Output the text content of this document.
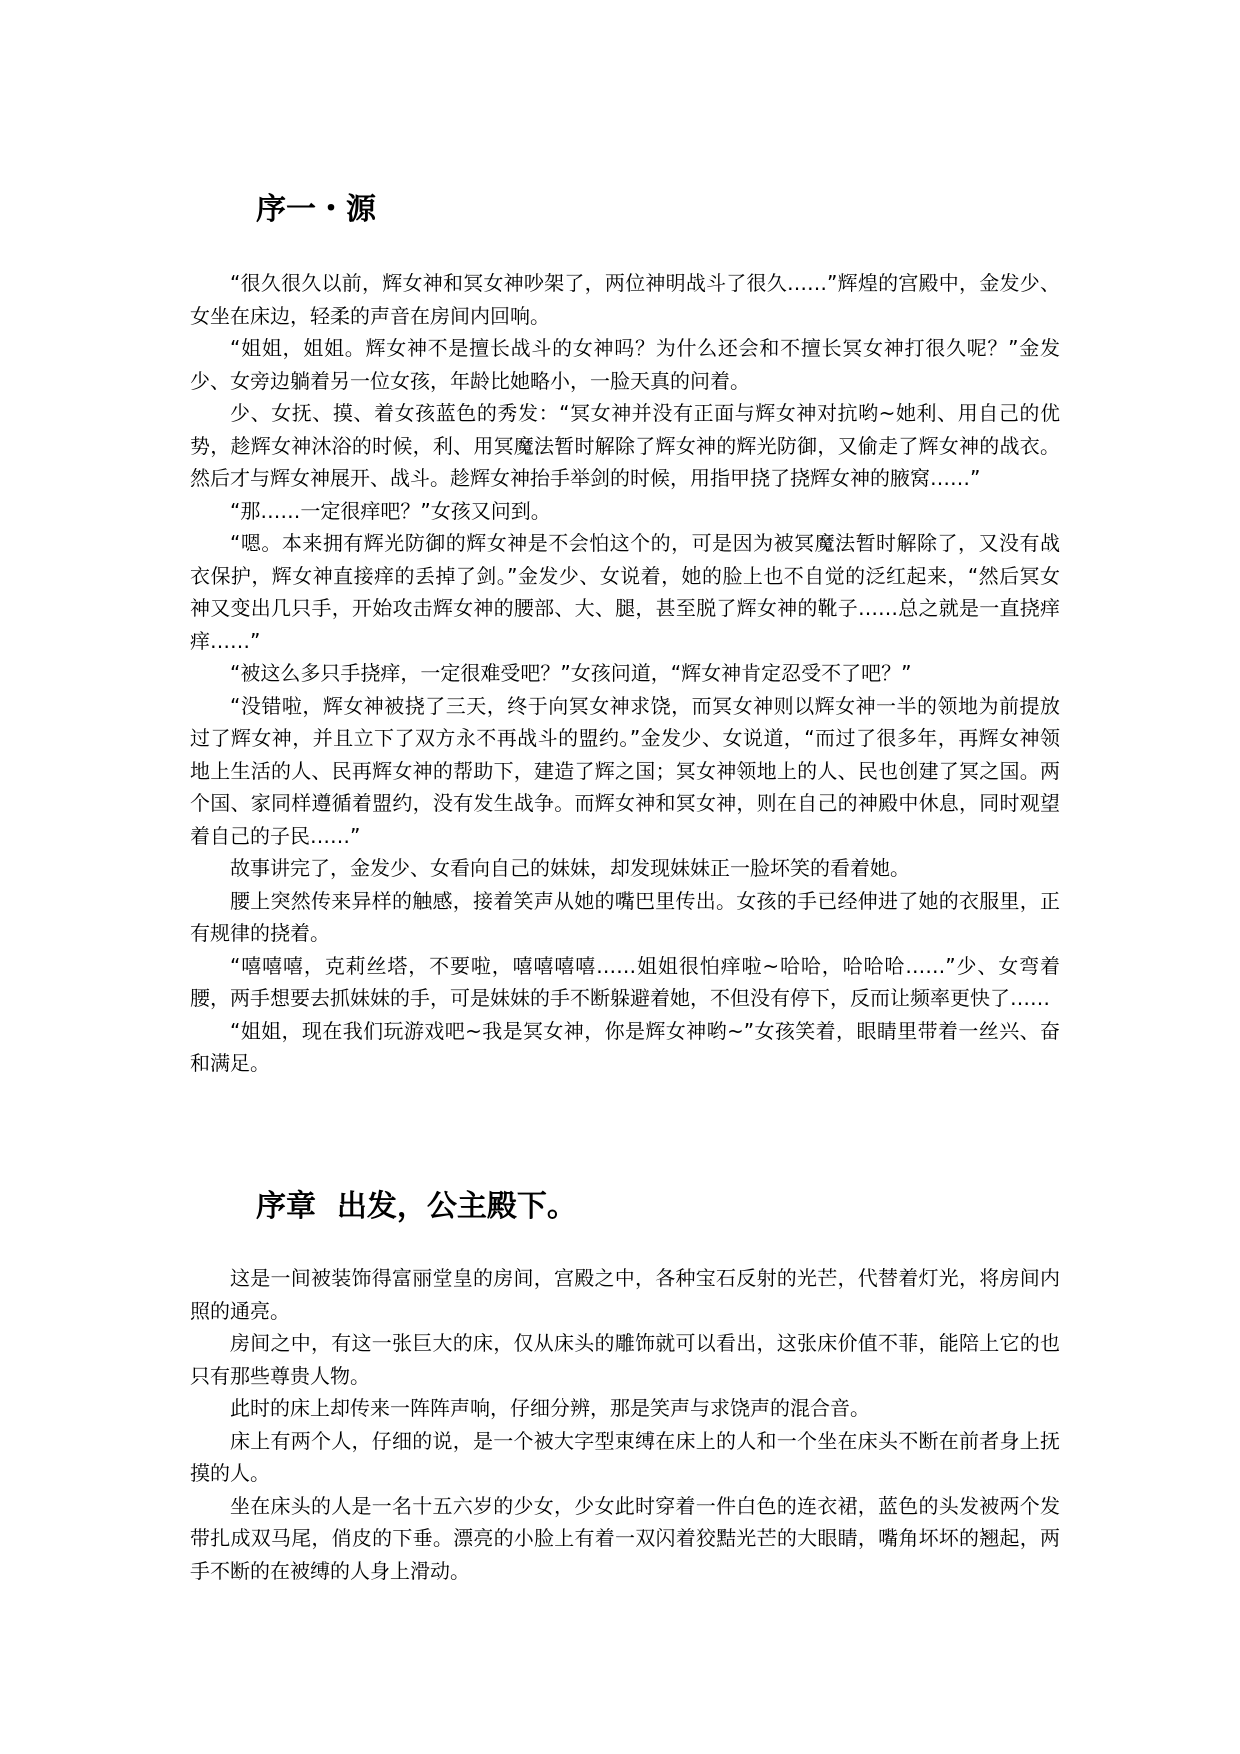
序一・源

“很久很久以前，辉女神和冥女神吵架了，两位神明战斗了很久……”辉煌的宫殿中，金发少、女坐在床边，轻柔的声音在房间内回响。

“姐姐，姐姐。辉女神不是擅长战斗的女神吗？为什么还会和不擅长冥女神打很久呢？”金发少、女旁边躺着另一位女孩，年龄比她略小，一脸天真的问着。

少、女抚、摸、着女孩蓝色的秀发：“冥女神并没有正面与辉女神对抗哟~她利、用自己的优势，趁辉女神沐浴的时候，利、用冥魔法暂时解除了辉女神的辉光防御，又偷走了辉女神的战衣。然后才与辉女神展开、战斗。趁辉女神抬手举剑的时候，用指甲挠了挠辉女神的腋窝……”

“那……一定很痒吧？”女孩又问到。

“嗯。本来拥有辉光防御的辉女神是不会怕这个的，可是因为被冥魔法暂时解除了，又没有战衣保护，辉女神直接痒的丢掉了剑。”金发少、女说着，她的脸上也不自觉的泛红起来，“然后冥女神又变出几只手，开始攻击辉女神的腰部、大、腿，甚至脱了辉女神的靴子……总之就是一直挠痒痒……”

“被这么多只手挠痒，一定很难受吧？”女孩问道，“辉女神肯定忍受不了吧？”

“没错啦，辉女神被挠了三天，终于向冥女神求饶，而冥女神则以辉女神一半的领地为前提放过了辉女神，并且立下了双方永不再战斗的盟约。”金发少、女说道，“而过了很多年，再辉女神领地上生活的人、民再辉女神的帮助下，建造了辉之国；冥女神领地上的人、民也创建了冥之国。两个国、家同样遵循着盟约，没有发生战争。而辉女神和冥女神，则在自己的神殿中休息，同时观望着自己的子民……”

故事讲完了，金发少、女看向自己的妹妹，却发现妹妹正一脸坏笑的看着她。

腰上突然传来异样的触感，接着笑声从她的嘴巴里传出。女孩的手已经伸进了她的衣服里，正有规律的挠着。

“嘻嘻嘻，克莉丝塔，不要啦，嘻嘻嘻嘻……姐姐很怕痒啦~哈哈，哈哈哈……”少、女弯着腰，两手想要去抓妹妹的手，可是妹妹的手不断躲避着她，不但没有停下，反而让频率更快了……

“姐姐，现在我们玩游戏吧~我是冥女神，你是辉女神哟~”女孩笑着，眼睛里带着一丝兴、奋和满足。

序章  出发，公主殿下。

这是一间被装饰得富丽堂皇的房间，宫殿之中，各种宝石反射的光芒，代替着灯光，将房间内照的通亮。

房间之中，有这一张巨大的床，仅从床头的雕饰就可以看出，这张床价值不菲，能陪上它的也只有那些尊贵人物。

此时的床上却传来一阵阵声响，仔细分辨，那是笑声与求饶声的混合音。

床上有两个人，仔细的说，是一个被大字型束缚在床上的人和一个坐在床头不断在前者身上抚摸的人。

坐在床头的人是一名十五六岁的少女，少女此时穿着一件白色的连衣裙，蓝色的头发被两个发带扎成双马尾，俏皮的下垂。漂亮的小脸上有着一双闪着狡黠光芒的大眼睛，嘴角坏坏的翘起，两手不断的在被缚的人身上滑动。
